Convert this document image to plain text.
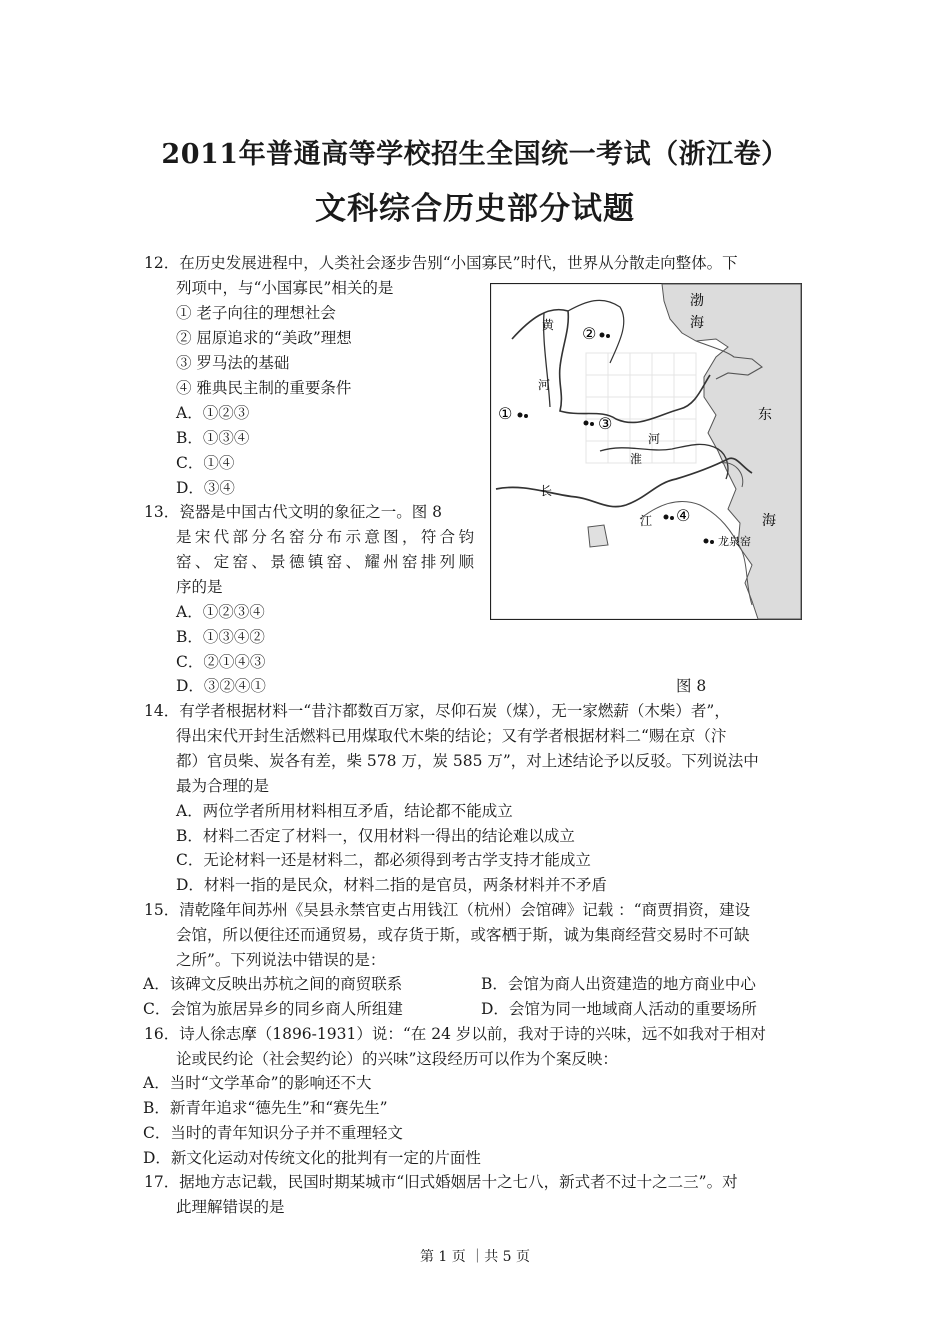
2011年普通高等学校招生全国统一考试（浙江卷）
文科综合历史部分试题
12．在历史发展进程中，人类社会逐步告别“小国寡民”时代，世界从分散走向整体。下
列项中，与“小国寡民”相关的是
① 老子向往的理想社会
② 屈原追求的“美政”理想
③ 罗马法的基础
④ 雅典民主制的重要条件
A．①②③
B．①③④
C．①④
D．③④
13．瓷器是中国古代文明的象征之一。图 8
是宋代部分名窑分布示意图，符合钧
窑、定窑、景德镇窑、耀州窑排列顺
序的是
A．①②③④
B．①③④②
C．②①④③
D．③②④①
渤
海
黄
河
河
淮
长
江
东
海
龙泉窑
①
②
③
④
图 8
14．有学者根据材料一“昔汴都数百万家，尽仰石炭（煤），无一家燃薪（木柴）者”，
得出宋代开封生活燃料已用煤取代木柴的结论；又有学者根据材料二“赐在京（汴
都）官员柴、炭各有差，柴 578 万，炭 585 万”，对上述结论予以反驳。下列说法中
最为合理的是
A．两位学者所用材料相互矛盾，结论都不能成立
B．材料二否定了材料一，仅用材料一得出的结论难以成立
C．无论材料一还是材料二，都必须得到考古学支持才能成立
D．材料一指的是民众，材料二指的是官员，两条材料并不矛盾
15．清乾隆年间苏州《吴县永禁官吏占用钱江（杭州）会馆碑》记载 ：“商贾捐资，建设
会馆，所以便往还而通贸易，或存货于斯，或客栖于斯，诚为集商经营交易时不可缺
之所”。下列说法中错误的是：
A．该碑文反映出苏杭之间的商贸联系	B．会馆为商人出资建造的地方商业中心
C．会馆为旅居异乡的同乡商人所组建	D．会馆为同一地域商人活动的重要场所
16．诗人徐志摩（1896-1931）说：“在 24 岁以前，我对于诗的兴味，远不如我对于相对
论或民约论（社会契约论）的兴味”这段经历可以作为个案反映：
A．当时“文学革命”的影响还不大
B．新青年追求“德先生”和“赛先生”
C．当时的青年知识分子并不重理轻文
D．新文化运动对传统文化的批判有一定的片面性
17．据地方志记载，民国时期某城市“旧式婚姻居十之七八，新式者不过十之二三”。对
此理解错误的是
第 1 页 ｜共 5 页
